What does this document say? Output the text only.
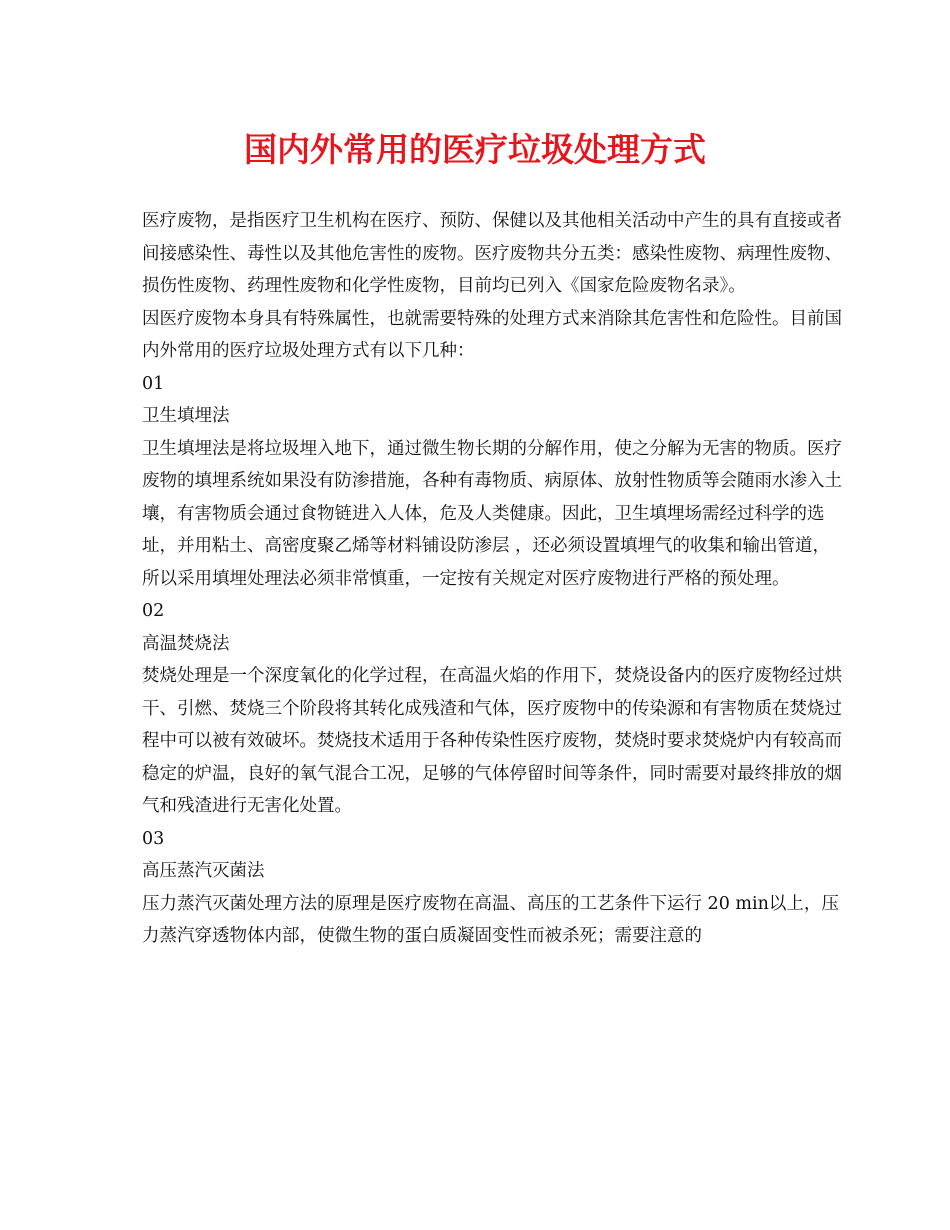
国内外常用的医疗垃圾处理方式

医疗废物，是指医疗卫生机构在医疗、预防、保健以及其他相关活动中产生的具有直接或者间接感染性、毒性以及其他危害性的废物。医疗废物共分五类：感染性废物、病理性废物、损伤性废物、药理性废物和化学性废物，目前均已列入《国家危险废物名录》。

因医疗废物本身具有特殊属性，也就需要特殊的处理方式来消除其危害性和危险性。目前国内外常用的医疗垃圾处理方式有以下几种：

01

卫生填埋法

卫生填埋法是将垃圾埋入地下，通过微生物长期的分解作用，使之分解为无害的物质。医疗废物的填埋系统如果没有防渗措施，各种有毒物质、病原体、放射性物质等会随雨水渗入土壤，有害物质会通过食物链进入人体，危及人类健康。因此，卫生填埋场需经过科学的选址，并用粘土、高密度聚乙烯等材料铺设防渗层 ，还必须设置填埋气的收集和输出管道，所以采用填埋处理法必须非常慎重，一定按有关规定对医疗废物进行严格的预处理。

02

高温焚烧法

焚烧处理是一个深度氧化的化学过程，在高温火焰的作用下，焚烧设备内的医疗废物经过烘干、引燃、焚烧三个阶段将其转化成残渣和气体，医疗废物中的传染源和有害物质在焚烧过程中可以被有效破坏。焚烧技术适用于各种传染性医疗废物，焚烧时要求焚烧炉内有较高而稳定的炉温，良好的氧气混合工况，足够的气体停留时间等条件，同时需要对最终排放的烟气和残渣进行无害化处置。

03

高压蒸汽灭菌法

压力蒸汽灭菌处理方法的原理是医疗废物在高温、高压的工艺条件下运行 20 min以上，压力蒸汽穿透物体内部，使微生物的蛋白质凝固变性而被杀死；需要注意的
